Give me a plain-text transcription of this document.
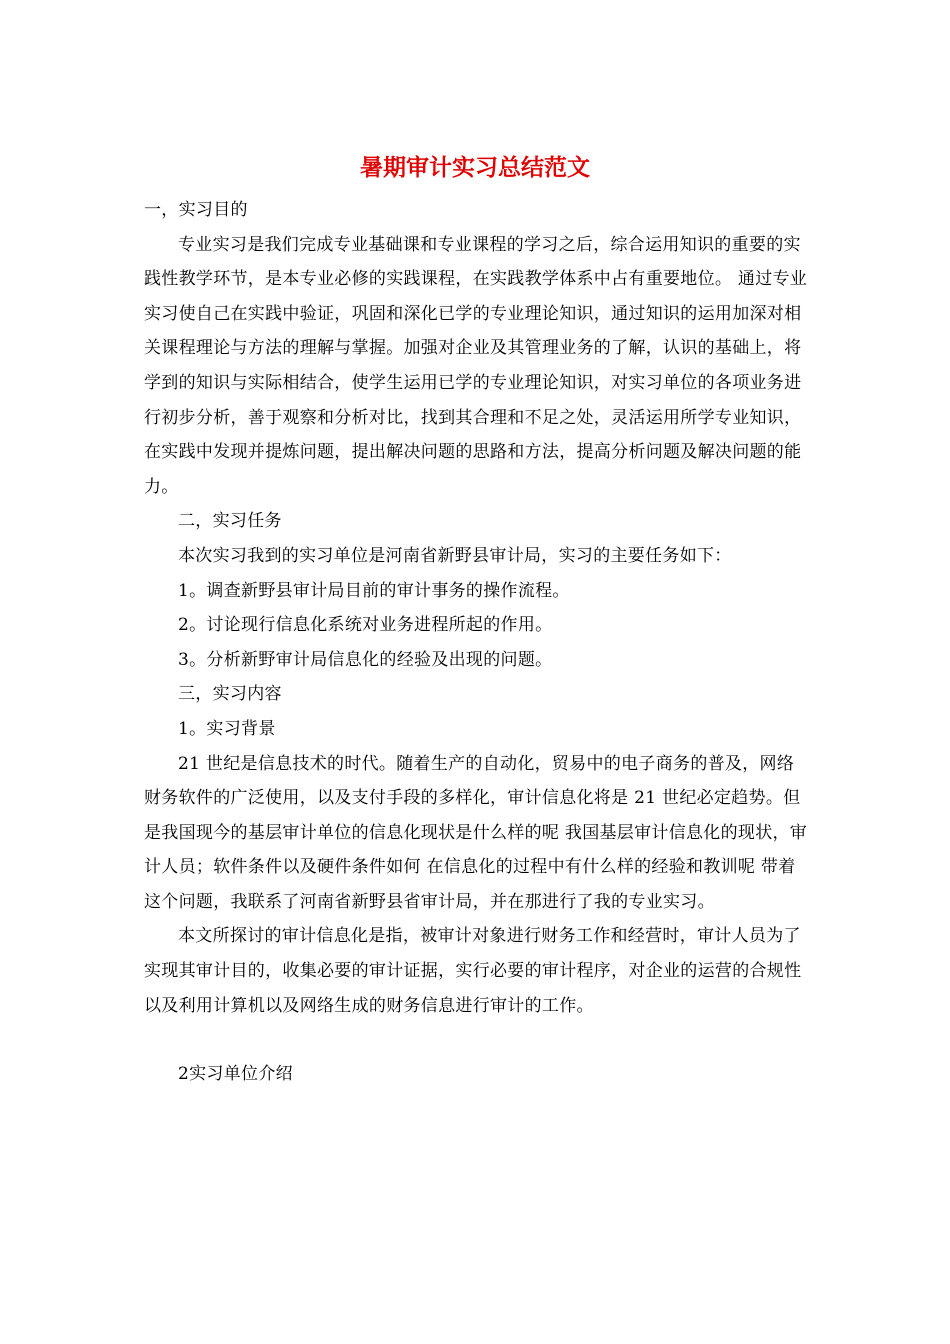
暑期审计实习总结范文

一，实习目的

专业实习是我们完成专业基础课和专业课程的学习之后，综合运用知识的重要的实践性教学环节，是本专业必修的实践课程，在实践教学体系中占有重要地位。 通过专业实习使自己在实践中验证，巩固和深化已学的专业理论知识，通过知识的运用加深对相关课程理论与方法的理解与掌握。加强对企业及其管理业务的了解，认识的基础上，将学到的知识与实际相结合，使学生运用已学的专业理论知识，对实习单位的各项业务进行初步分析，善于观察和分析对比，找到其合理和不足之处，灵活运用所学专业知识，在实践中发现并提炼问题，提出解决问题的思路和方法，提高分析问题及解决问题的能力。

二，实习任务

本次实习我到的实习单位是河南省新野县审计局，实习的主要任务如下：

1。调查新野县审计局目前的审计事务的操作流程。

2。讨论现行信息化系统对业务进程所起的作用。

3。分析新野审计局信息化的经验及出现的问题。

三，实习内容

1。实习背景

21 世纪是信息技术的时代。随着生产的自动化，贸易中的电子商务的普及，网络财务软件的广泛使用，以及支付手段的多样化，审计信息化将是 21 世纪必定趋势。但是我国现今的基层审计单位的信息化现状是什么样的呢 我国基层审计信息化的现状，审计人员；软件条件以及硬件条件如何 在信息化的过程中有什么样的经验和教训呢 带着这个问题，我联系了河南省新野县省审计局，并在那进行了我的专业实习。

本文所探讨的审计信息化是指，被审计对象进行财务工作和经营时，审计人员为了实现其审计目的，收集必要的审计证据，实行必要的审计程序，对企业的运营的合规性以及利用计算机以及网络生成的财务信息进行审计的工作。

2实习单位介绍
